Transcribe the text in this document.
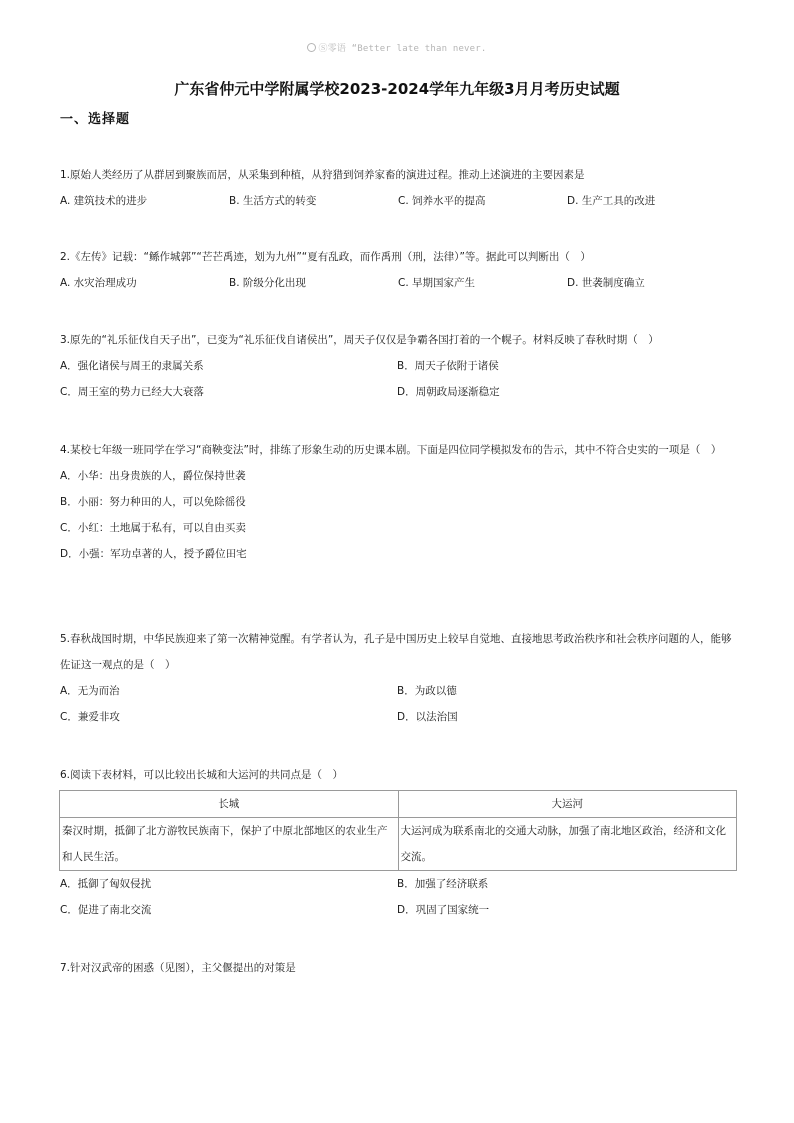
Ⓢ零语 “Better late than never.
广东省仲元中学附属学校2023-2024学年九年级3月月考历史试题
一、选择题
1.原始人类经历了从群居到聚族而居，从采集到种植，从狩猎到饲养家畜的演进过程。推动上述演进的主要因素是
A. 建筑技术的进步	B. 生活方式的转变	C. 饲养水平的提高	D. 生产工具的改进
2.《左传》记载：“鲧作城郭”“芒芒禹迹，划为九州”“夏有乱政，而作禹刑（刑，法律）”等。据此可以判断出（　）
A. 水灾治理成功	B. 阶级分化出现	C. 早期国家产生	D. 世袭制度确立
3.原先的“礼乐征伐自天子出”，已变为“礼乐征伐自诸侯出”，周天子仅仅是争霸各国打着的一个幌子。材料反映了春秋时期（　）
A．强化诸侯与周王的隶属关系	B．周天子依附于诸侯
C．周王室的势力已经大大衰落	D．周朝政局逐渐稳定
4.某校七年级一班同学在学习“商鞅变法”时，排练了形象生动的历史课本剧。下面是四位同学模拟发布的告示，其中不符合史实的一项是（　）
A．小华：出身贵族的人，爵位保持世袭
B．小丽：努力种田的人，可以免除徭役
C．小红：土地属于私有，可以自由买卖
D．小强：军功卓著的人，授予爵位田宅
5.春秋战国时期，中华民族迎来了第一次精神觉醒。有学者认为，孔子是中国历史上较早自觉地、直接地思考政治秩序和社会秩序问题的人，能够佐证这一观点的是（　）
A．无为而治	B．为政以德
C．兼爱非攻	D．以法治国
6.阅读下表材料，可以比较出长城和大运河的共同点是（　）
长城	大运河
秦汉时期，抵御了北方游牧民族南下，保护了中原北部地区的农业生产和人民生活。	大运河成为联系南北的交通大动脉，加强了南北地区政治，经济和文化交流。
A．抵御了匈奴侵扰	B．加强了经济联系
C．促进了南北交流	D．巩固了国家统一
7.针对汉武帝的困惑（见图），主父偃提出的对策是
